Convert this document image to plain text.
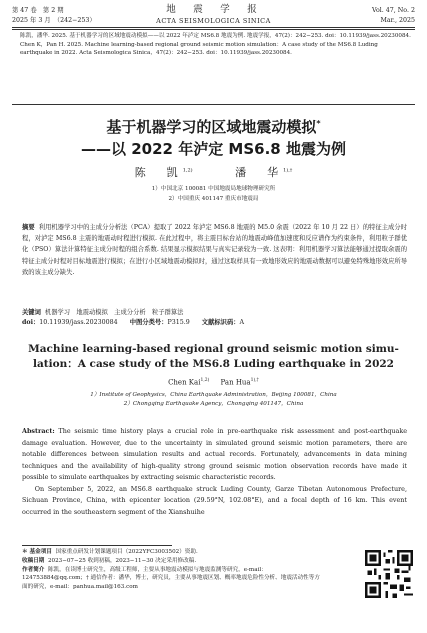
第 47 卷　第 2 期
2025 年 3 月　（242−253）
地　震　学　报
ACTA SEISMOLOGICA SINICA
Vol. 47, No. 2
Mar., 2025
陈凯，潘华. 2025. 基于机器学习的区域地震动模拟——以 2022 年泸定 MS6.8 地震为例. 地震学报，47(2)：242−253. doi：10.11939/jass.20230084.
Chen K，Pan H. 2025. Machine learning-based regional ground seismic motion simulation：A case study of the MS6.8 Luding earthquake in 2022. Acta Seismologica Sinica，47(2)：242−253. doi：10.11939/jass.20230084.
基于机器学习的区域地震动模拟*
——以 2022 年泸定 MS6.8 地震为例
陈　凯$^{1,2)}$	潘　华$^{1),\dagger}$
1）中国北京 100081 中国地震局地球物理研究所
2）中国重庆 401147 重庆市地震局
摘要 利用机器学习中的主成分分析法（PCA）提取了 2022 年泸定 MS6.8 地震的 M5.0 余震（2022 年 10 月 22 日）的特征主成分时程，对泸定 MS6.8 主震的地震动时程进行模拟. 在此过程中，将主震目标台站的地震动峰值加速度和反应谱作为约束条件，利用粒子群优化（PSO）算法计算特征主成分时程的组合系数. 结果显示模拟结果与真实记录较为一致. 这表明：利用机器学习算法能够通过提取余震的特征主成分时程对目标地震进行模拟；在进行小区域地震动模拟时，通过这取样具有一致地形效应的地震动数据可以避免特殊地形效应所导致的该主成分缺失.
关键词 机器学习　地震动模拟　主成分分析　粒子群算法
doi：10.11939/jass.20230084 中图分类号：P315.9 文献标识码：A
Machine learning-based regional ground seismic motion simu-
lation：A case study of the MS6.8 Luding earthquake in 2022
Chen Kai$^{1,2)}$ Pan Hua$^{1),\dagger}$
1）Institute of Geophysics，China Earthquake Administration，Beijing 100081，China
2）Chongqing Earthquake Agency，Chongqing 401147，China
Abstract: The seismic time history plays a crucial role in pre-earthquake risk assessment and post-earthquake damage evaluation. However, due to the uncertainty in simulated ground seismic motion parameters, there are notable differences between simulation results and actual records. Fortunately, advancements in data mining techniques and the availability of high-quality strong ground seismic motion observation records have made it possible to simulate earthquakes by extracting seismic characteristic records.
On September 5, 2022, an MS6.8 earthquake struck Luding County, Garze Tibetan Autonomous Prefecture, Sichuan Province, China, with epicenter location (29.59°N, 102.08°E), and a focal depth of 16 km. This event occurred in the southeastern segment of the Xianshuihe
＊ 基金项目 国家重点研发计划课题项目（2022YFC3003502）资助.
收稿日期 2023−07−25 收到初稿，2023−11−30 决定采用修改稿.
作者简介 陈凯，在读博士研究生，高级工程师，主要从事地震动模拟与地震监测等研究，e-mail：124753884@qq.com；† 通信作者：潘华，博士，研究员，主要从事地震区划、概率地震危险性分析、地震活动性等方面的研究，e-mail：panhua.mail@163.com
